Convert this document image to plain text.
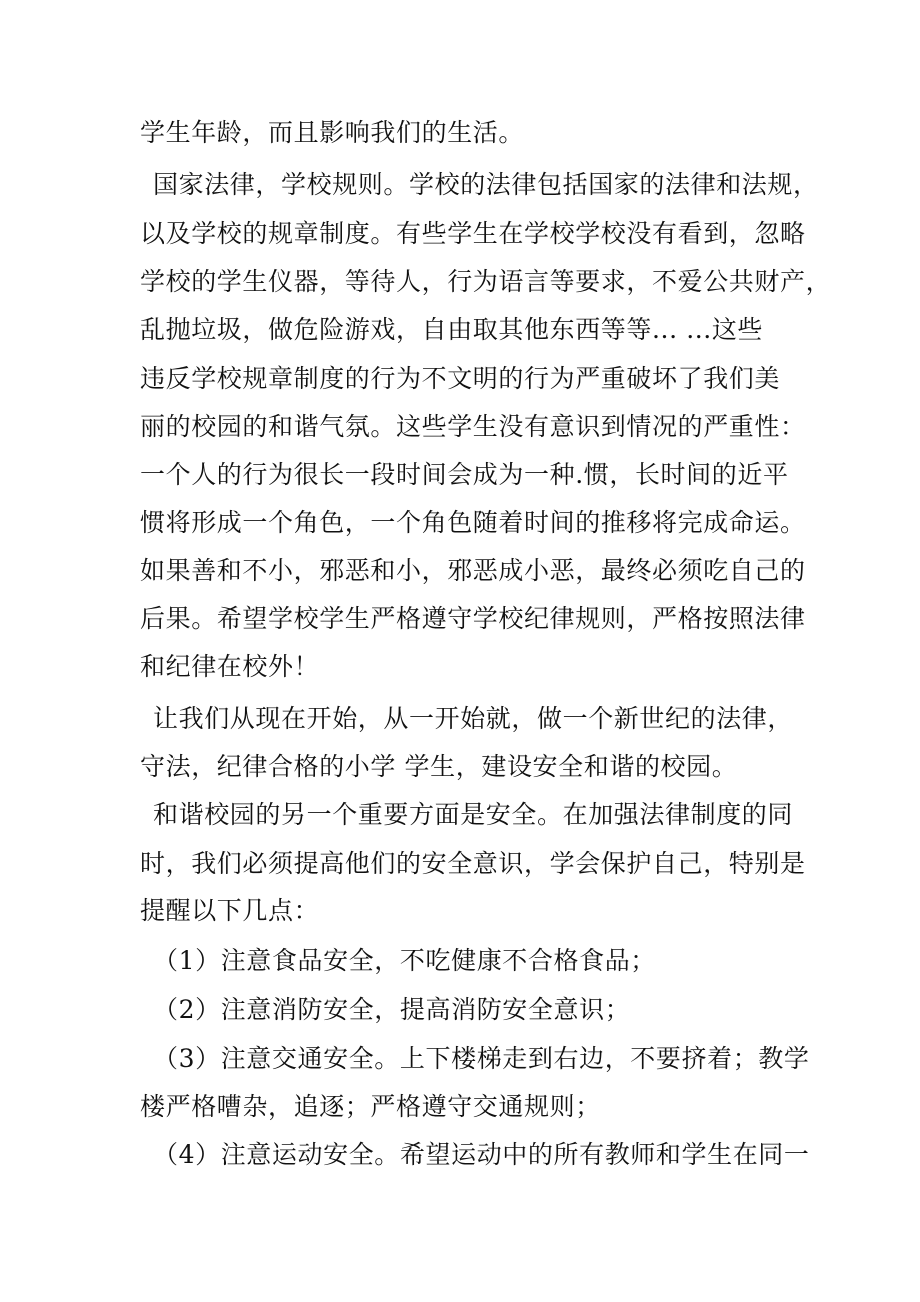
学生年龄，而且影响我们的生活。

国家法律，学校规则。学校的法律包括国家的法律和法规，

以及学校的规章制度。有些学生在学校学校没有看到，忽略

学校的学生仪器，等待人，行为语言等要求，不爱公共财产，

乱抛垃圾，做危险游戏，自由取其他东西等等... ...这些

违反学校规章制度的行为不文明的行为严重破坏了我们美

丽的校园的和谐气氛。这些学生没有意识到情况的严重性：

一个人的行为很长一段时间会成为一种.惯，长时间的近平

惯将形成一个角色，一个角色随着时间的推移将完成命运。

如果善和不小，邪恶和小，邪恶成小恶，最终必须吃自己的

后果。希望学校学生严格遵守学校纪律规则，严格按照法律

和纪律在校外！

让我们从现在开始，从一开始就，做一个新世纪的法律，

守法，纪律合格的小学 学生，建设安全和谐的校园。

和谐校园的另一个重要方面是安全。在加强法律制度的同

时，我们必须提高他们的安全意识，学会保护自己，特别是

提醒以下几点：

（1）注意食品安全，不吃健康不合格食品；

（2）注意消防安全，提高消防安全意识；

（3）注意交通安全。上下楼梯走到右边，不要挤着；教学

楼严格嘈杂，追逐；严格遵守交通规则；

（4）注意运动安全。希望运动中的所有教师和学生在同一
